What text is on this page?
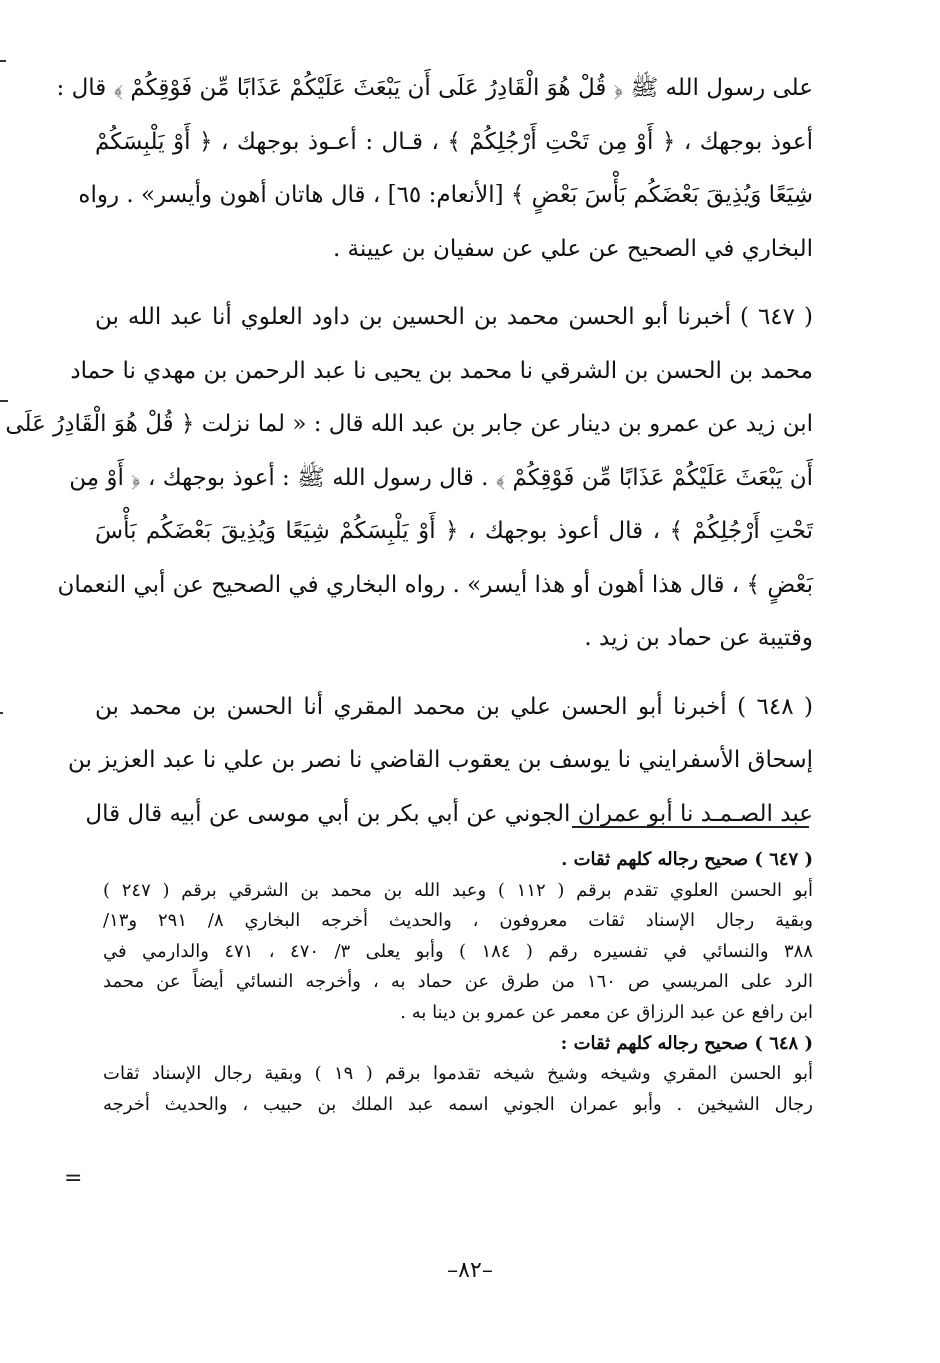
على رسول الله ﷺ ﴿ قُلْ هُوَ الْقَادِرُ عَلَى أَن يَبْعَثَ عَلَيْكُمْ عَذَابًا مِّن فَوْقِكُمْ ﴾ قال :
أعوذ بوجهك ، ﴿ أَوْ مِن تَحْتِ أَرْجُلِكُمْ ﴾ ، قـال : أعـوذ بوجهك ، ﴿ أَوْ يَلْبِسَكُمْ
شِيَعًا وَيُذِيقَ بَعْضَكُم بَأْسَ بَعْضٍ ﴾ [الأنعام: ٦٥] ، قال هاتان أهون وأيسر» . رواه
البخاري في الصحيح عن علي عن سفيان بن عيينة .

( ٦٤٧ ) أخبرنا أبو الحسن محمد بن الحسين بن داود العلوي أنا عبد الله بن
محمد بن الحسن بن الشرقي نا محمد بن يحيى نا عبد الرحمن بن مهدي نا حماد
ابن زيد عن عمرو بن دينار عن جابر بن عبد الله قال : « لما نزلت ﴿ قُلْ هُوَ الْقَادِرُ عَلَى
أَن يَبْعَثَ عَلَيْكُمْ عَذَابًا مِّن فَوْقِكُمْ ﴾ . قال رسول الله ﷺ : أعوذ بوجهك ، ﴿ أَوْ مِن
تَحْتِ أَرْجُلِكُمْ ﴾ ، قال أعوذ بوجهك ، ﴿ أَوْ يَلْبِسَكُمْ شِيَعًا وَيُذِيقَ بَعْضَكُم بَأْسَ
بَعْضٍ ﴾ ، قال هذا أهون أو هذا أيسر» . رواه البخاري في الصحيح عن أبي النعمان
وقتيبة عن حماد بن زيد .

( ٦٤٨ ) أخبرنا أبو الحسن علي بن محمد المقري أنا الحسن بن محمد بن
إسحاق الأسفرايني نا يوسف بن يعقوب القاضي نا نصر بن علي نا عبد العزيز بن
عبد الصـمـد نا أبو عمران الجوني عن أبي بكر بن أبي موسى عن أبيه قال قال

( ٦٤٧ ) صحيح رجاله كلهم ثقات .
أبو الحسن العلوي تقدم برقم ( ١١٢ ) وعبد الله بن محمد بن الشرقي برقم ( ٢٤٧ )
وبقية رجال الإسناد ثقات معروفون ، والحديث أخرجه البخاري ٨/ ٢٩١ و١٣/
٣٨٨ والنسائي في تفسيره رقم ( ١٨٤ ) وأبو يعلى ٣/ ٤٧٠ ، ٤٧١ والدارمي في
الرد على المريسي ص ١٦٠ من طرق عن حماد به ، وأخرجه النسائي أيضاً عن محمد
ابن رافع عن عبد الرزاق عن معمر عن عمرو بن دينا به .
( ٦٤٨ ) صحيح رجاله كلهم ثقات :
أبو الحسن المقري وشيخه وشيخ شيخه تقدموا برقم ( ١٩ ) وبقية رجال الإسناد ثقات
رجال الشيخين . وأبو عمران الجوني اسمه عبد الملك بن حبيب ، والحديث أخرجه
=
–٨٢–
